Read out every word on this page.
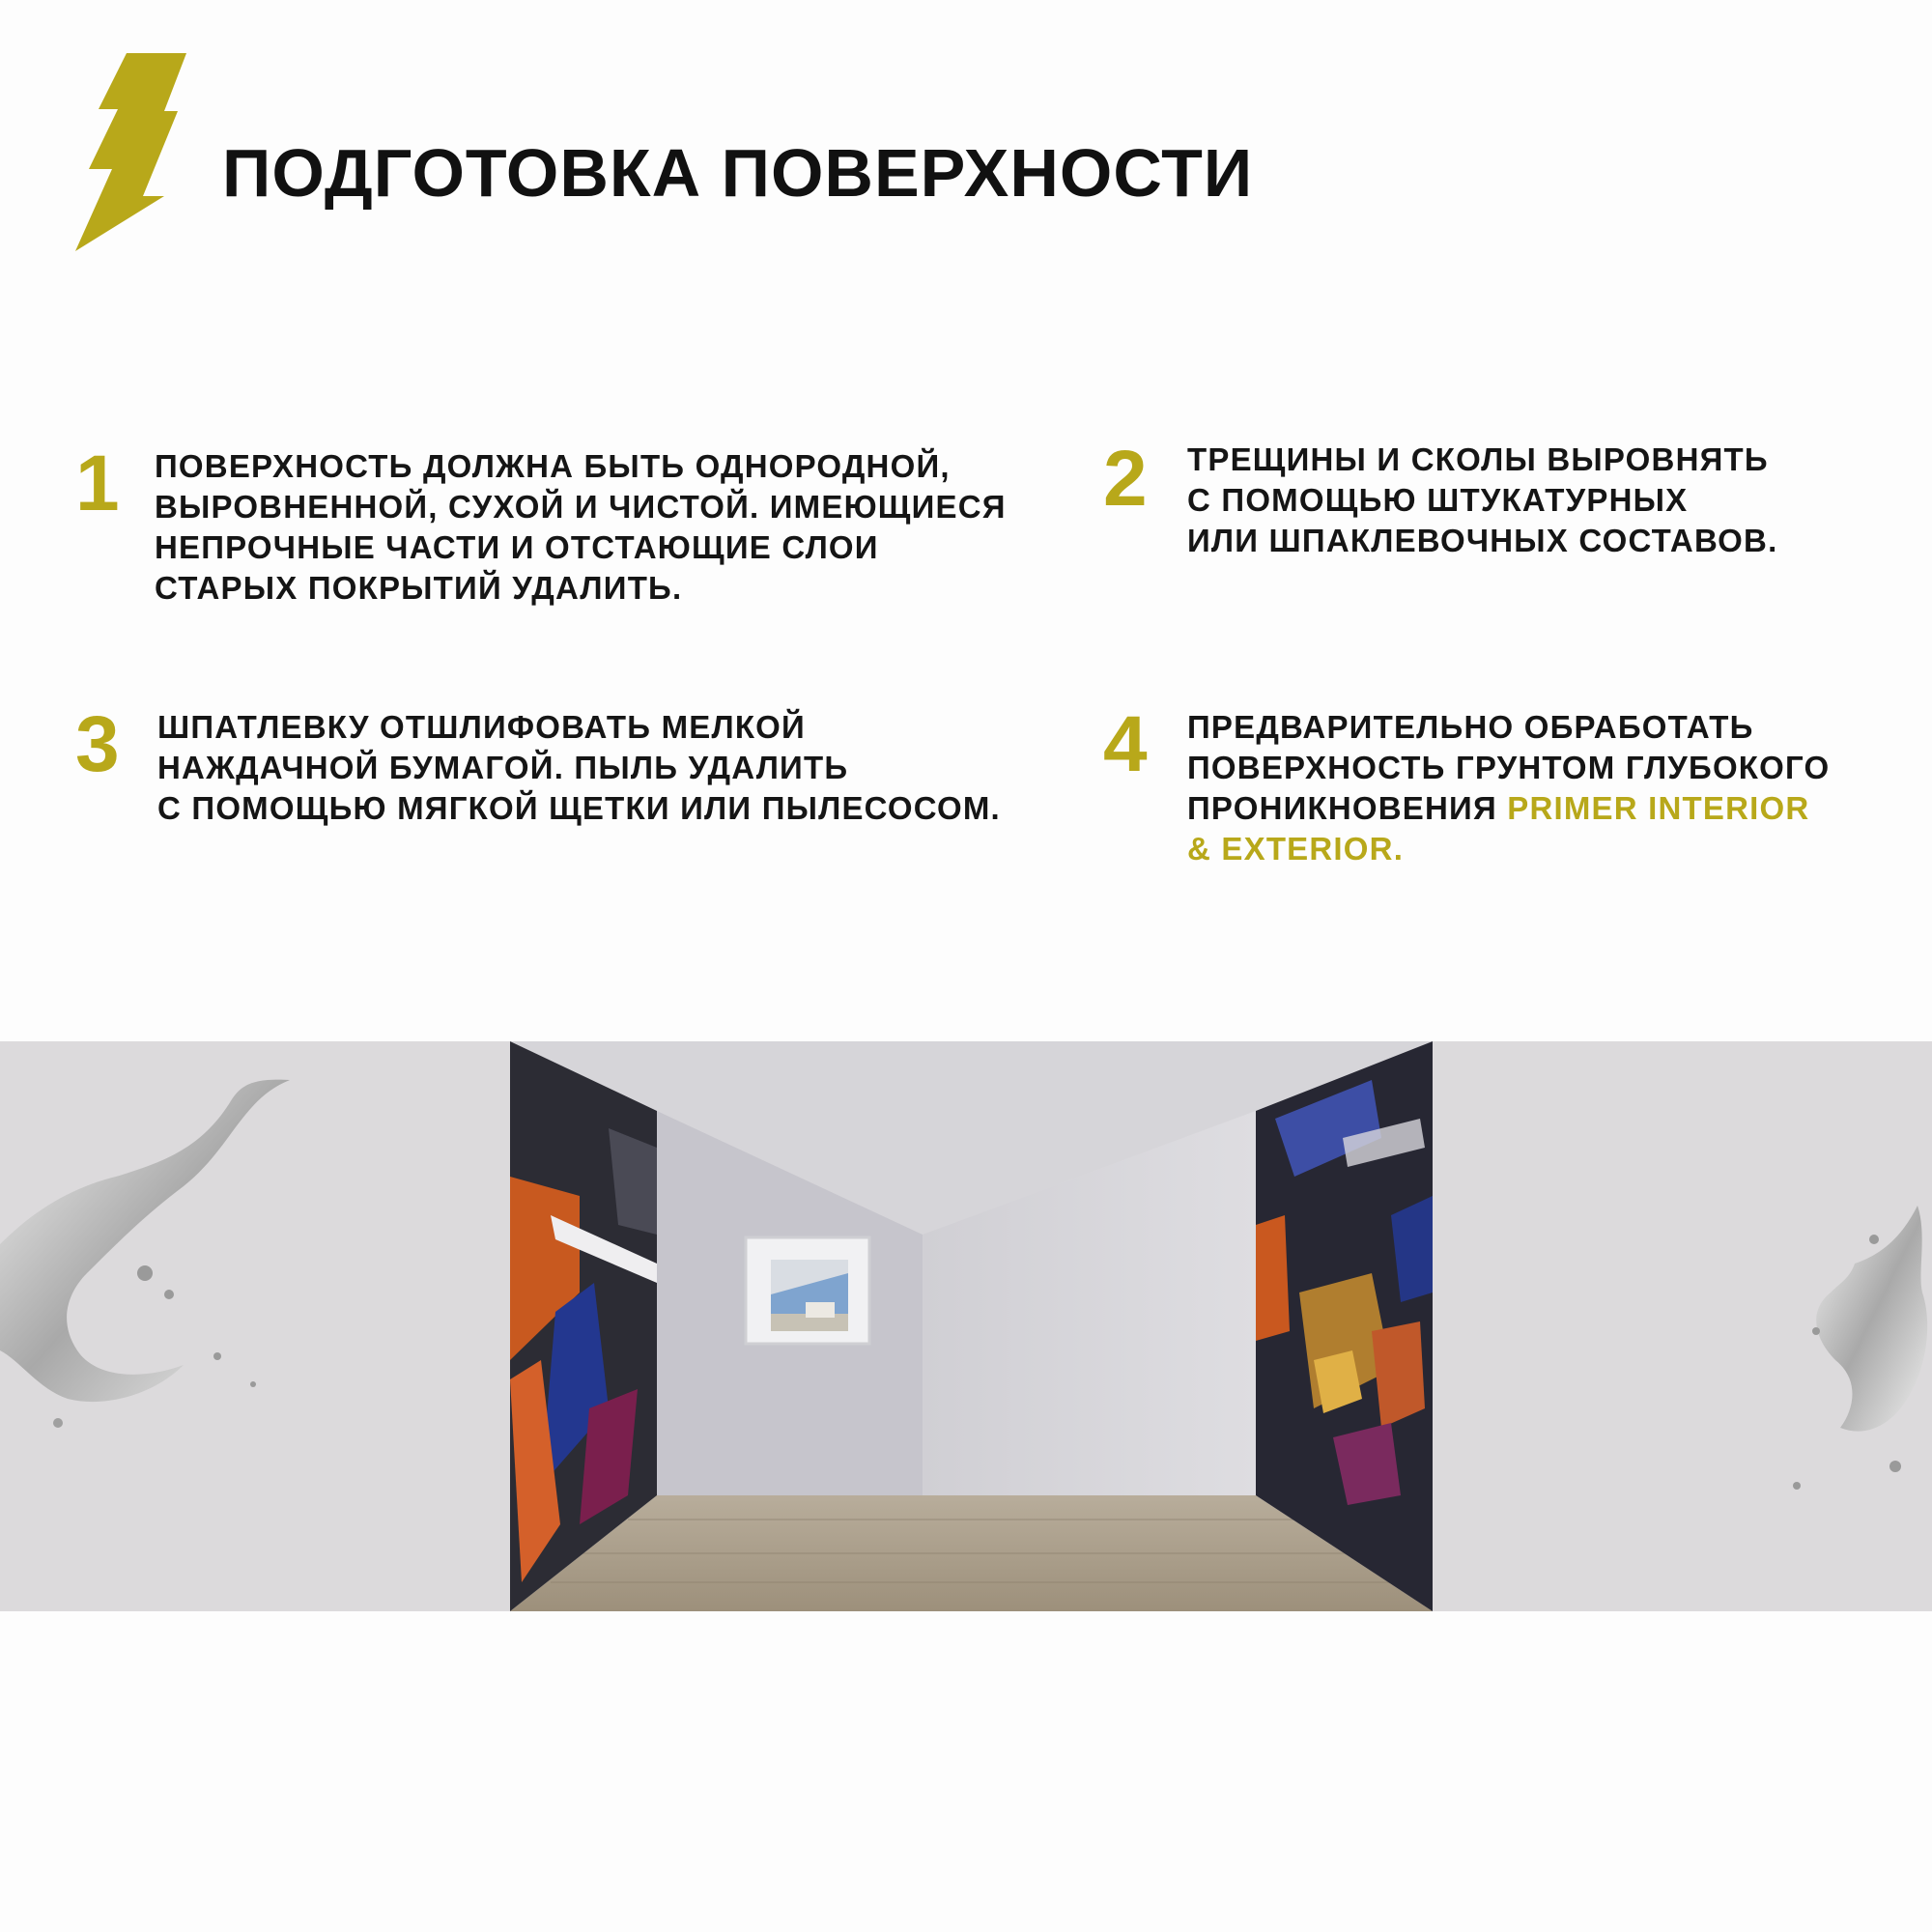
ПОДГОТОВКА ПОВЕРХНОСТИ
1 ПОВЕРХНОСТЬ ДОЛЖНА БЫТЬ ОДНОРОДНОЙ,
ВЫРОВНЕННОЙ, СУХОЙ И ЧИСТОЙ. ИМЕЮЩИЕСЯ
НЕПРОЧНЫЕ ЧАСТИ И ОТСТАЮЩИЕ СЛОИ
СТАРЫХ ПОКРЫТИЙ УДАЛИТЬ.

2 ТРЕЩИНЫ И СКОЛЫ ВЫРОВНЯТЬ
С ПОМОЩЬЮ ШТУКАТУРНЫХ
ИЛИ ШПАКЛЕВОЧНЫХ СОСТАВОВ.

3 ШПАТЛЕВКУ ОТШЛИФОВАТЬ МЕЛКОЙ
НАЖДАЧНОЙ БУМАГОЙ. ПЫЛЬ УДАЛИТЬ
С ПОМОЩЬЮ МЯГКОЙ ЩЕТКИ ИЛИ ПЫЛЕСОСОМ.

4 ПРЕДВАРИТЕЛЬНО ОБРАБОТАТЬ
ПОВЕРХНОСТЬ ГРУНТОМ ГЛУБОКОГО
ПРОНИКНОВЕНИЯ PRIMER INTERIOR
& EXTERIOR.
